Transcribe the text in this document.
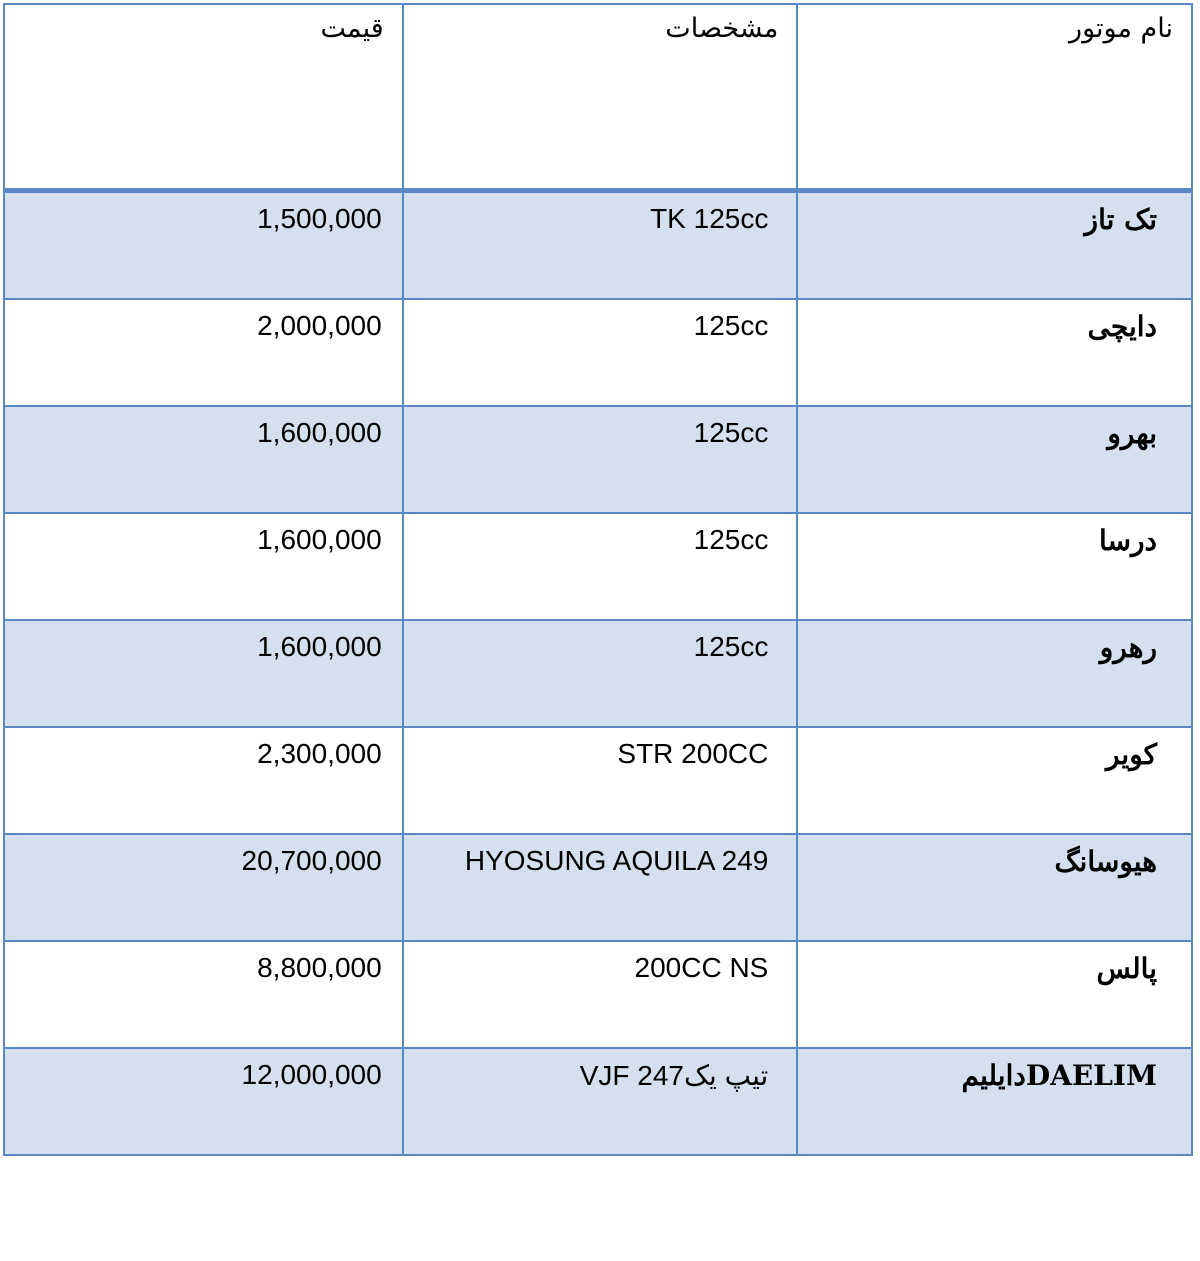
نام موتور	مشخصات	قیمت
تک تاز	TK 125cc	1,500,000
دایچی	125cc	2,000,000
بهرو	125cc	1,600,000
درسا	125cc	1,600,000
رهرو	125cc	1,600,000
کویر	STR 200CC	2,300,000
هیوسانگ	HYOSUNG AQUILA 249	20,700,000
پالس	200CC NS	8,800,000
DAELIMدایلیم	VJF 247تیپ یک	12,000,000
